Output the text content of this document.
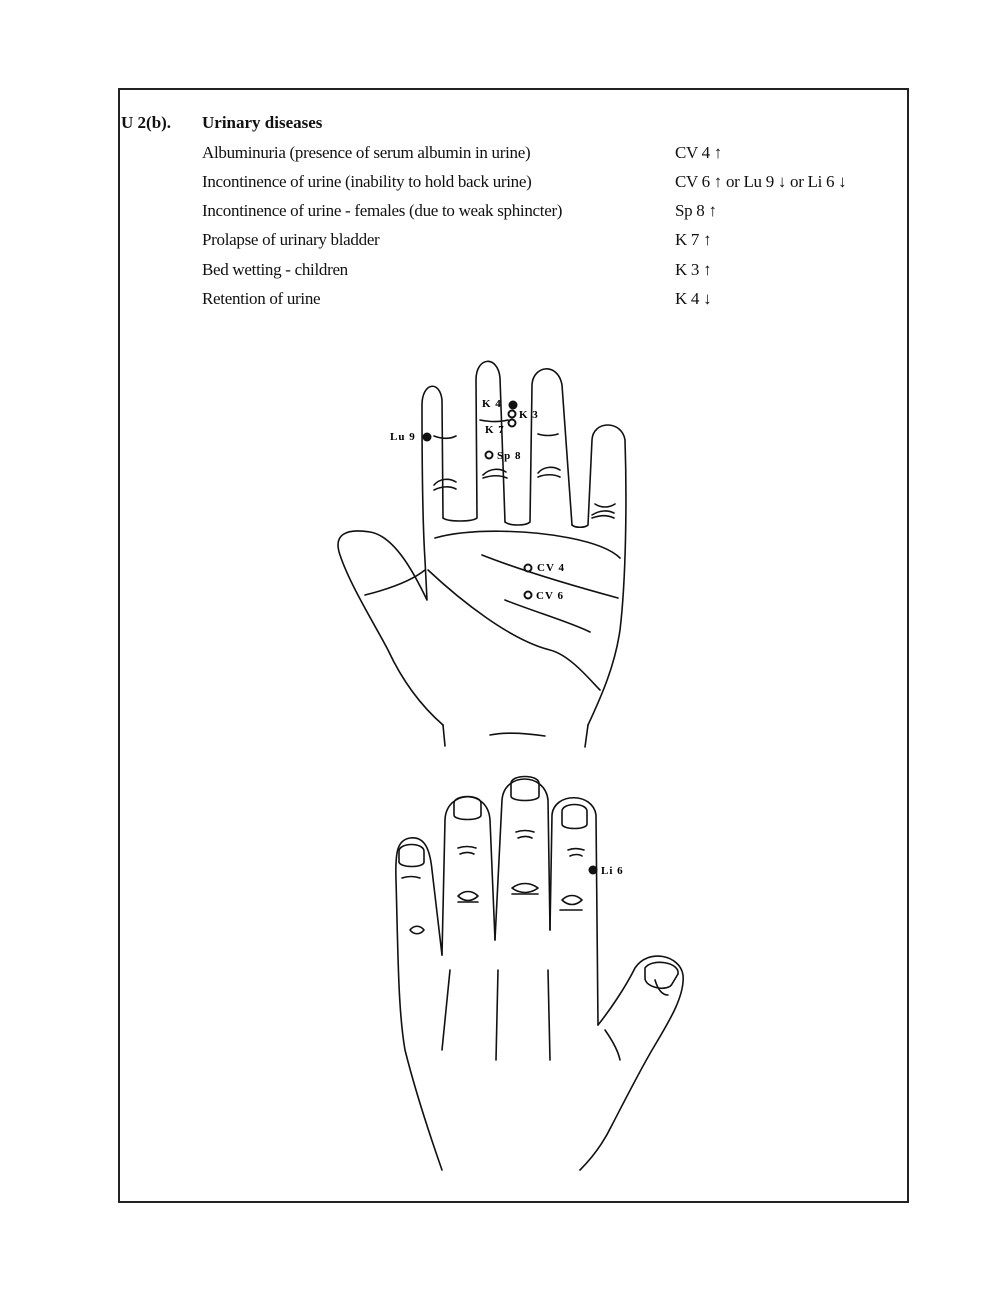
U 2(b). Urinary diseases
Albuminuria (presence of serum albumin in urine)	CV 4 ↑
Incontinence of urine (inability to hold back urine)	CV 6 ↑ or Lu 9 ↓ or Li 6 ↓
Incontinence of urine - females (due to weak sphincter)	Sp 8 ↑
Prolapse of urinary bladder	K 7 ↑
Bed wetting - children	K 3 ↑
Retention of urine	K 4 ↓
K 4
K 3
K 7
Lu 9
Sp 8
CV 4
CV 6
Li 6
